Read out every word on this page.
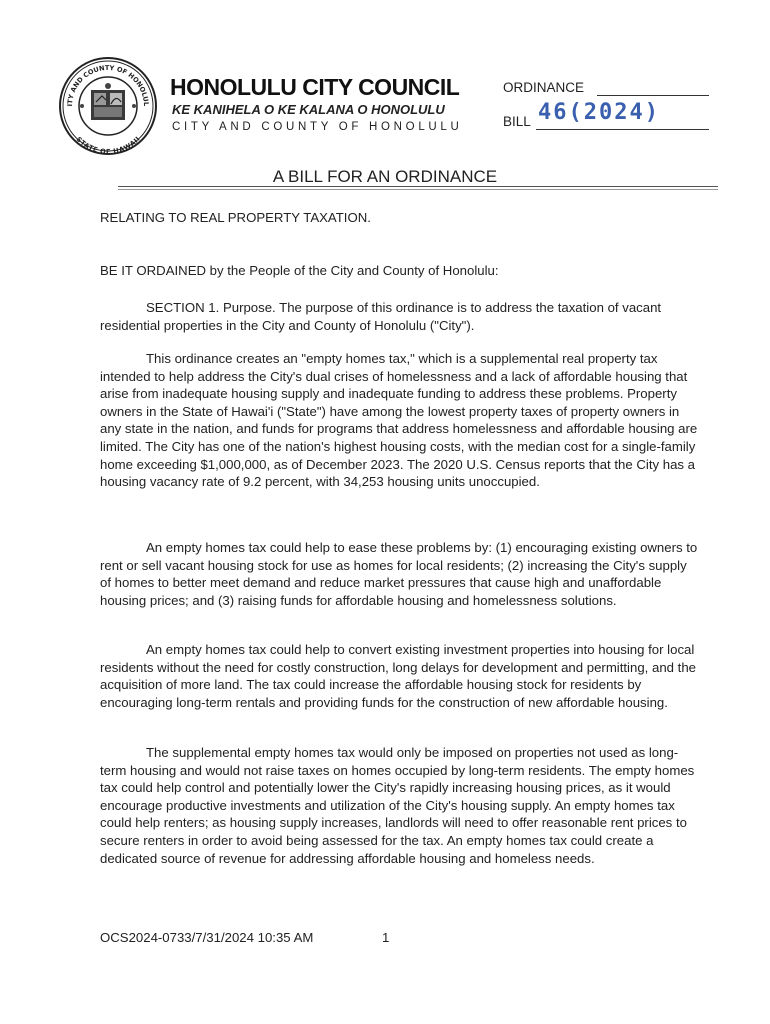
ITY AND COUNTY OF HONOLUL
STATE OF HAWAII
HONOLULU CITY COUNCIL
KE KANIHELA O KE KALANA O HONOLULU
CITY AND COUNTY OF HONOLULU
ORDINANCE
BILL 46(2024)
A BILL FOR AN ORDINANCE
RELATING TO REAL PROPERTY TAXATION.
BE IT ORDAINED by the People of the City and County of Honolulu:
SECTION 1. Purpose. The purpose of this ordinance is to address the taxation of vacant residential properties in the City and County of Honolulu ("City").
This ordinance creates an "empty homes tax," which is a supplemental real property tax intended to help address the City's dual crises of homelessness and a lack of affordable housing that arise from inadequate housing supply and inadequate funding to address these problems. Property owners in the State of Hawai'i ("State") have among the lowest property taxes of property owners in any state in the nation, and funds for programs that address homelessness and affordable housing are limited. The City has one of the nation's highest housing costs, with the median cost for a single-family home exceeding $1,000,000, as of December 2023. The 2020 U.S. Census reports that the City has a housing vacancy rate of 9.2 percent, with 34,253 housing units unoccupied.
An empty homes tax could help to ease these problems by: (1) encouraging existing owners to rent or sell vacant housing stock for use as homes for local residents; (2) increasing the City's supply of homes to better meet demand and reduce market pressures that cause high and unaffordable housing prices; and (3) raising funds for affordable housing and homelessness solutions.
An empty homes tax could help to convert existing investment properties into housing for local residents without the need for costly construction, long delays for development and permitting, and the acquisition of more land. The tax could increase the affordable housing stock for residents by encouraging long-term rentals and providing funds for the construction of new affordable housing.
The supplemental empty homes tax would only be imposed on properties not used as long-term housing and would not raise taxes on homes occupied by long-term residents. The empty homes tax could help control and potentially lower the City's rapidly increasing housing prices, as it would encourage productive investments and utilization of the City's housing supply. An empty homes tax could help renters; as housing supply increases, landlords will need to offer reasonable rent prices to secure renters in order to avoid being assessed for the tax. An empty homes tax could create a dedicated source of revenue for addressing affordable housing and homeless needs.
OCS2024-0733/7/31/2024 10:35 AM	1
